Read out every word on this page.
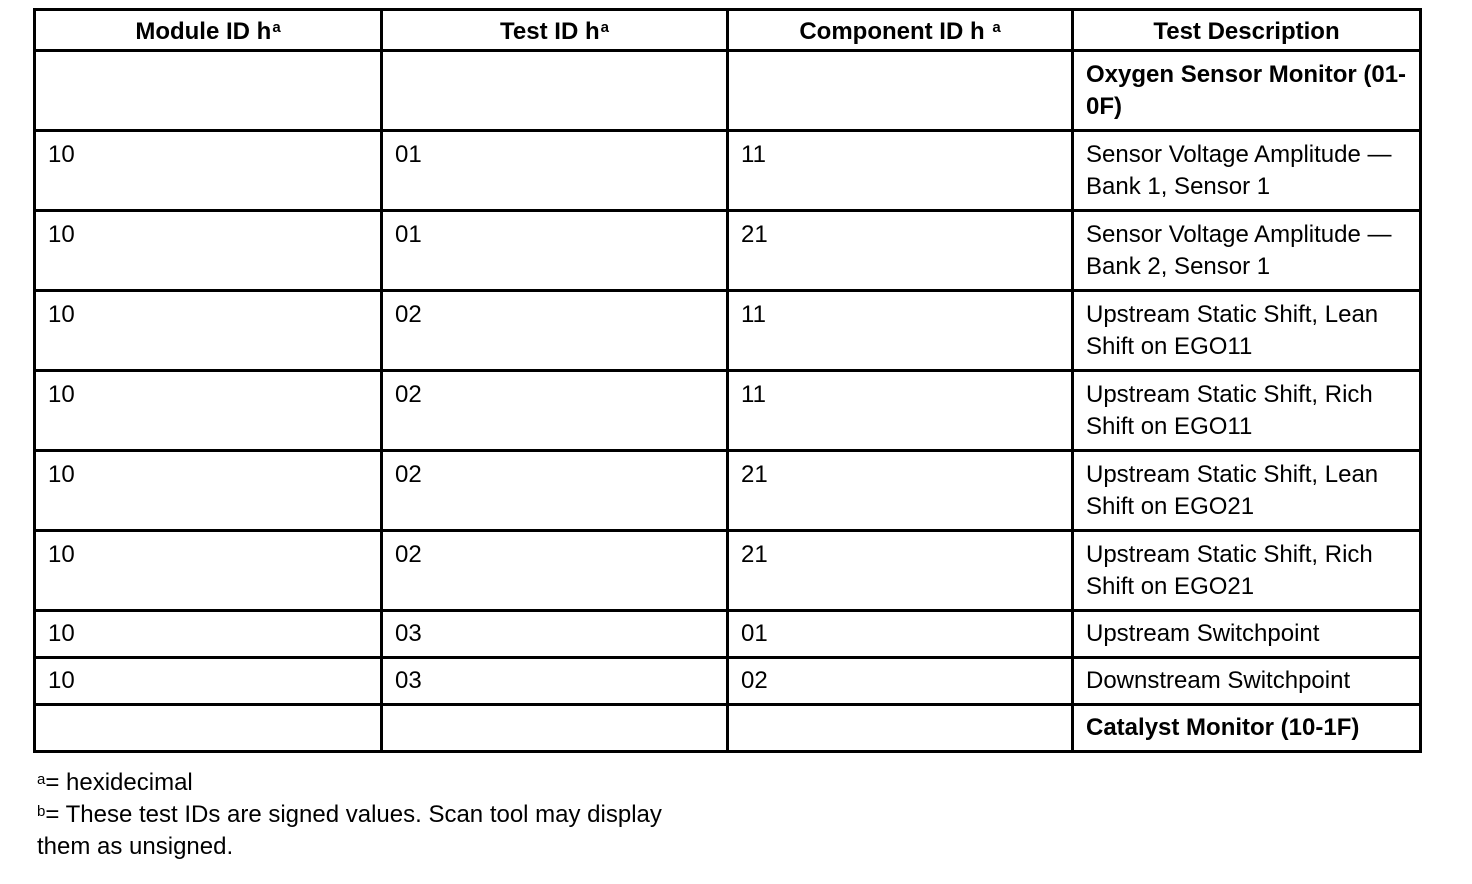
Module ID h$^a$	Test ID h$^a$	Component ID h $^a$	Test Description
			Oxygen Sensor Monitor (01-0F)
10	01	11	Sensor Voltage Amplitude — Bank 1, Sensor 1
10	01	21	Sensor Voltage Amplitude — Bank 2, Sensor 1
10	02	11	Upstream Static Shift, Lean Shift on EGO11
10	02	11	Upstream Static Shift, Rich Shift on EGO11
10	02	21	Upstream Static Shift, Lean Shift on EGO21
10	02	21	Upstream Static Shift, Rich Shift on EGO21
10	03	01	Upstream Switchpoint
10	03	02	Downstream Switchpoint
			Catalyst Monitor (10-1F)
$^a$= hexidecimal
$^b$= These test IDs are signed values. Scan tool may display them as unsigned.
